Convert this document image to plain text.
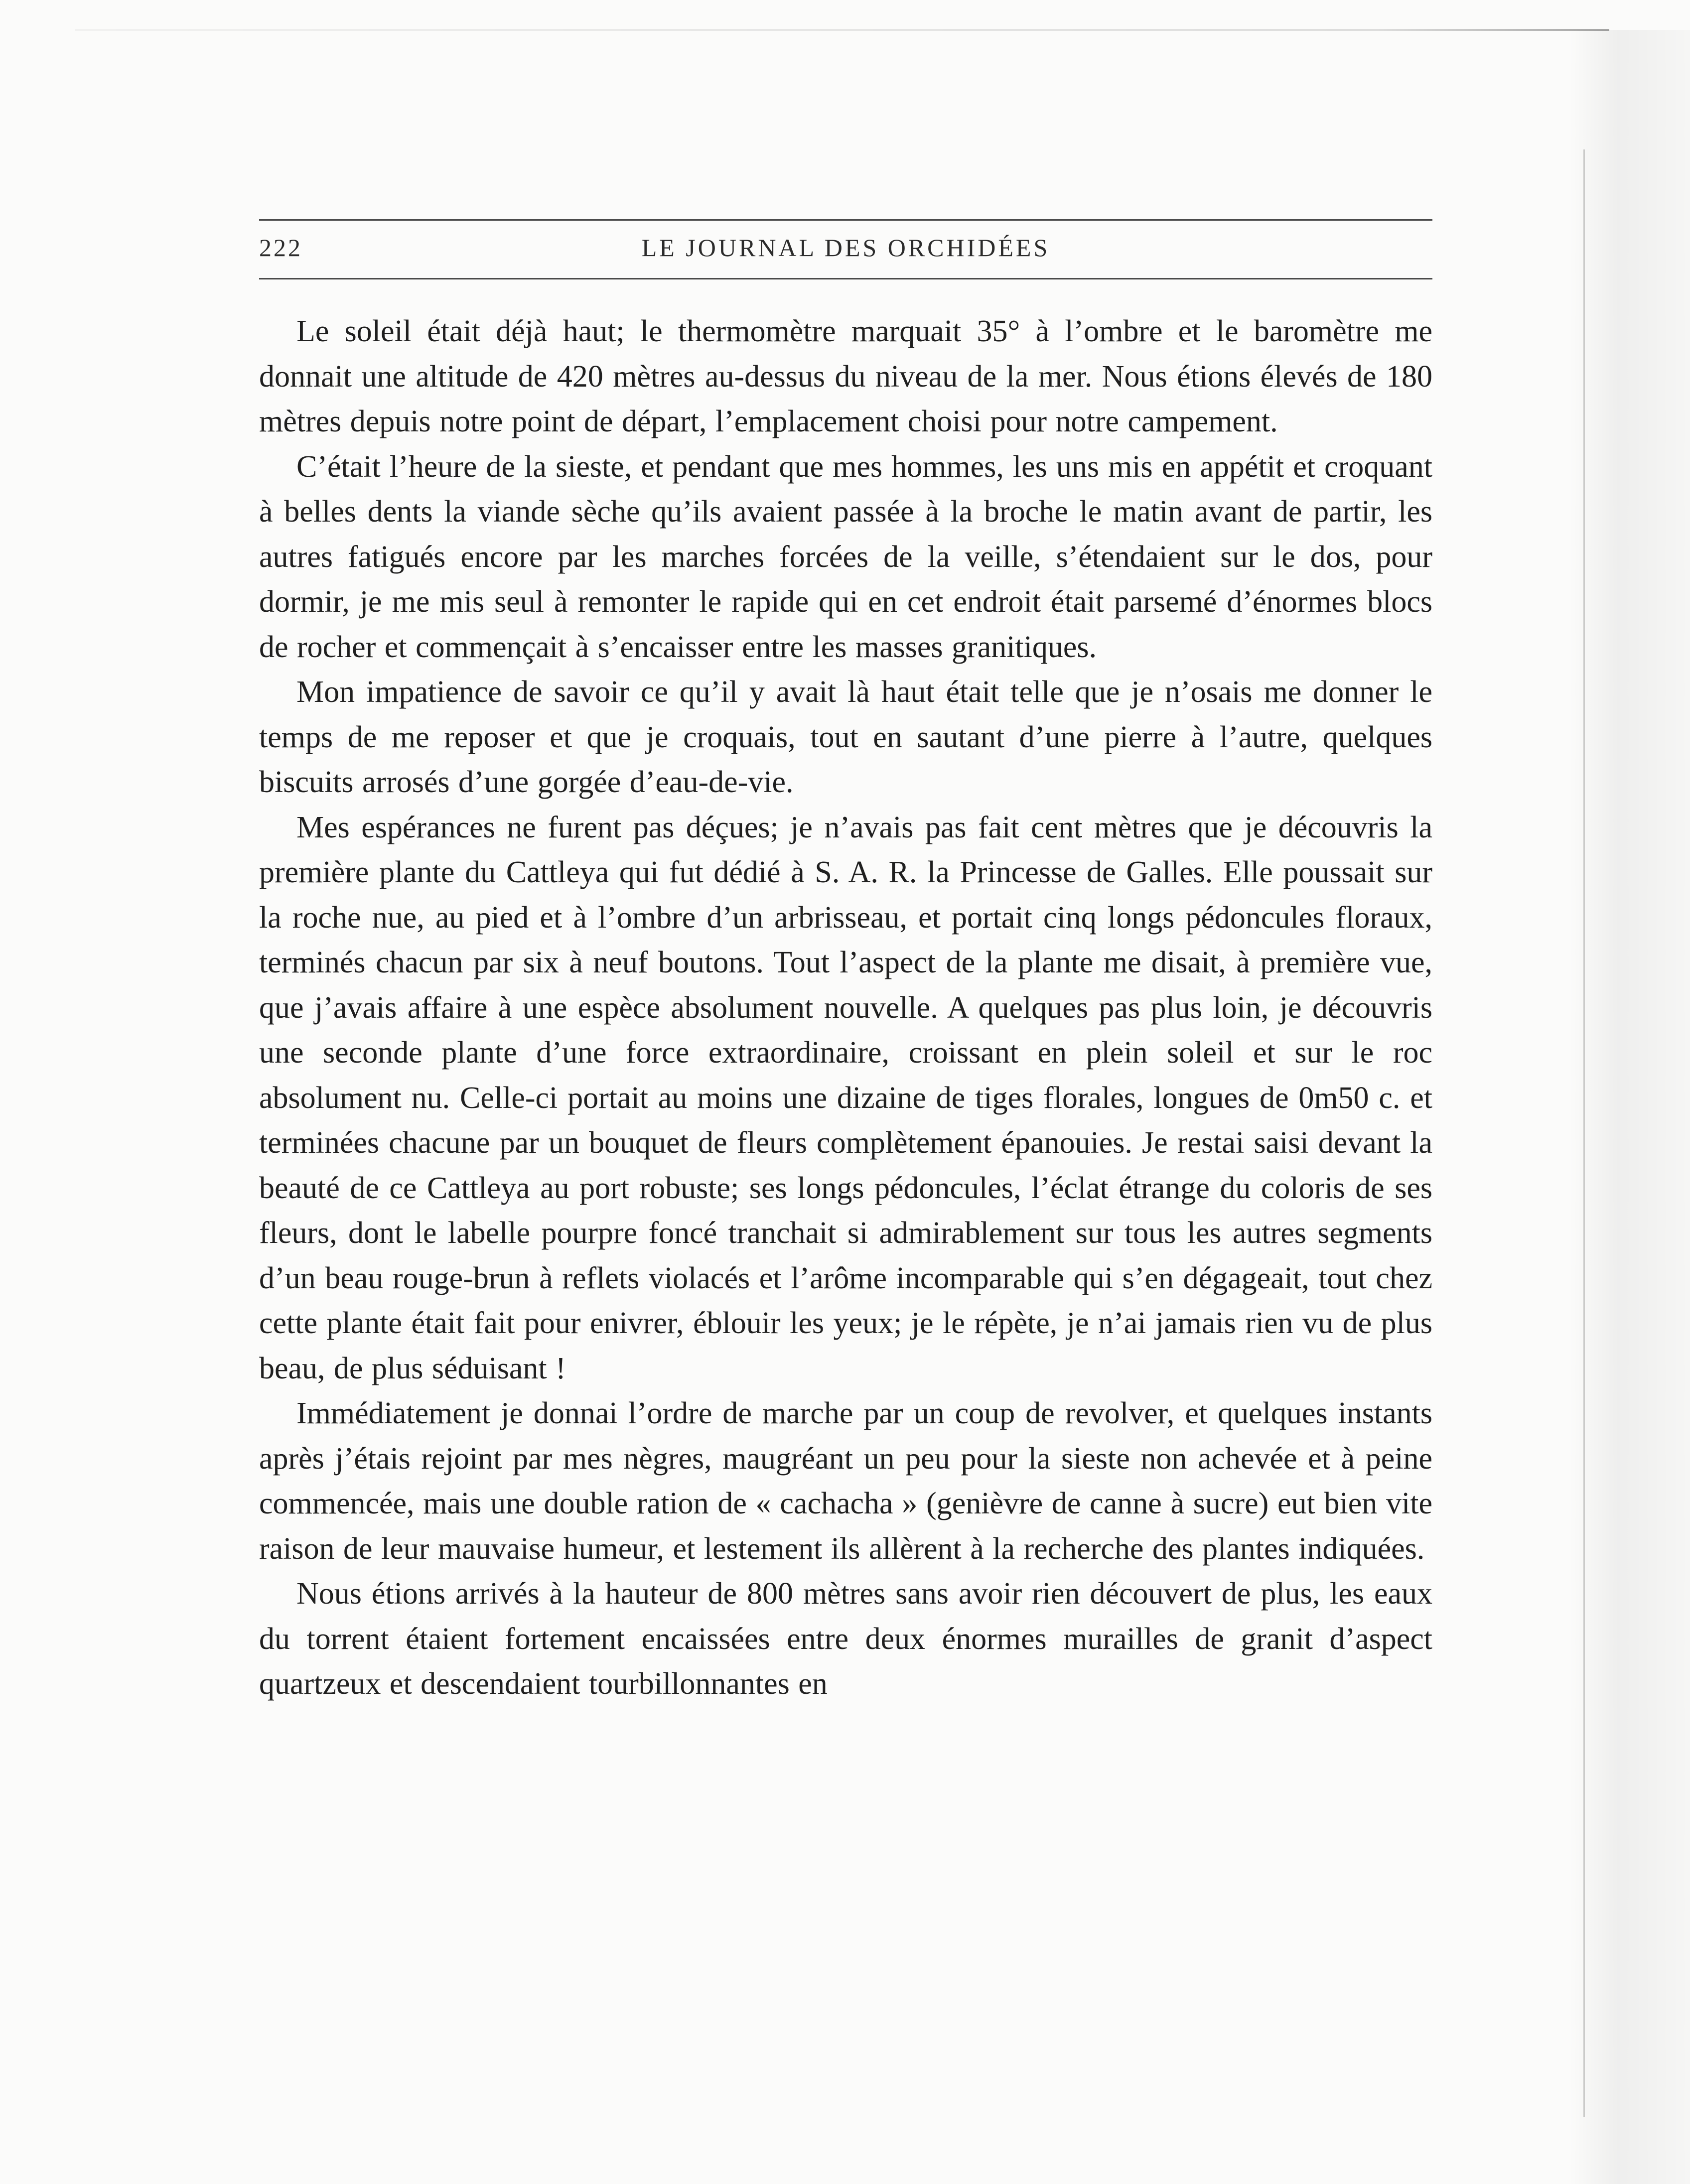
222	LE JOURNAL DES ORCHIDÉES

Le soleil était déjà haut; le thermomètre marquait 35° à l’ombre et le baromètre me donnait une altitude de 420 mètres au-dessus du niveau de la mer. Nous étions élevés de 180 mètres depuis notre point de départ, l’emplacement choisi pour notre campement.

C’était l’heure de la sieste, et pendant que mes hommes, les uns mis en appétit et croquant à belles dents la viande sèche qu’ils avaient passée à la broche le matin avant de partir, les autres fatigués encore par les marches forcées de la veille, s’étendaient sur le dos, pour dormir, je me mis seul à remonter le rapide qui en cet endroit était parsemé d’énormes blocs de rocher et commençait à s’encaisser entre les masses granitiques.

Mon impatience de savoir ce qu’il y avait là haut était telle que je n’osais me donner le temps de me reposer et que je croquais, tout en sautant d’une pierre à l’autre, quelques biscuits arrosés d’une gorgée d’eau-de-vie.

Mes espérances ne furent pas déçues; je n’avais pas fait cent mètres que je découvris la première plante du Cattleya qui fut dédié à S. A. R. la Princesse de Galles. Elle poussait sur la roche nue, au pied et à l’ombre d’un arbrisseau, et portait cinq longs pédoncules floraux, terminés chacun par six à neuf boutons. Tout l’aspect de la plante me disait, à première vue, que j’avais affaire à une espèce absolument nouvelle. A quelques pas plus loin, je découvris une seconde plante d’une force extraordinaire, croissant en plein soleil et sur le roc absolument nu. Celle-ci portait au moins une dizaine de tiges florales, longues de 0m50 c. et terminées chacune par un bouquet de fleurs complètement épanouies. Je restai saisi devant la beauté de ce Cattleya au port robuste; ses longs pédoncules, l’éclat étrange du coloris de ses fleurs, dont le labelle pourpre foncé tranchait si admirablement sur tous les autres segments d’un beau rouge-brun à reflets violacés et l’arôme incomparable qui s’en dégageait, tout chez cette plante était fait pour enivrer, éblouir les yeux; je le répète, je n’ai jamais rien vu de plus beau, de plus séduisant !

Immédiatement je donnai l’ordre de marche par un coup de revolver, et quelques instants après j’étais rejoint par mes nègres, maugréant un peu pour la sieste non achevée et à peine commencée, mais une double ration de « cachacha » (genièvre de canne à sucre) eut bien vite raison de leur mauvaise humeur, et lestement ils allèrent à la recherche des plantes indiquées.

Nous étions arrivés à la hauteur de 800 mètres sans avoir rien découvert de plus, les eaux du torrent étaient fortement encaissées entre deux énormes murailles de granit d’aspect quartzeux et descendaient tourbillonnantes en
